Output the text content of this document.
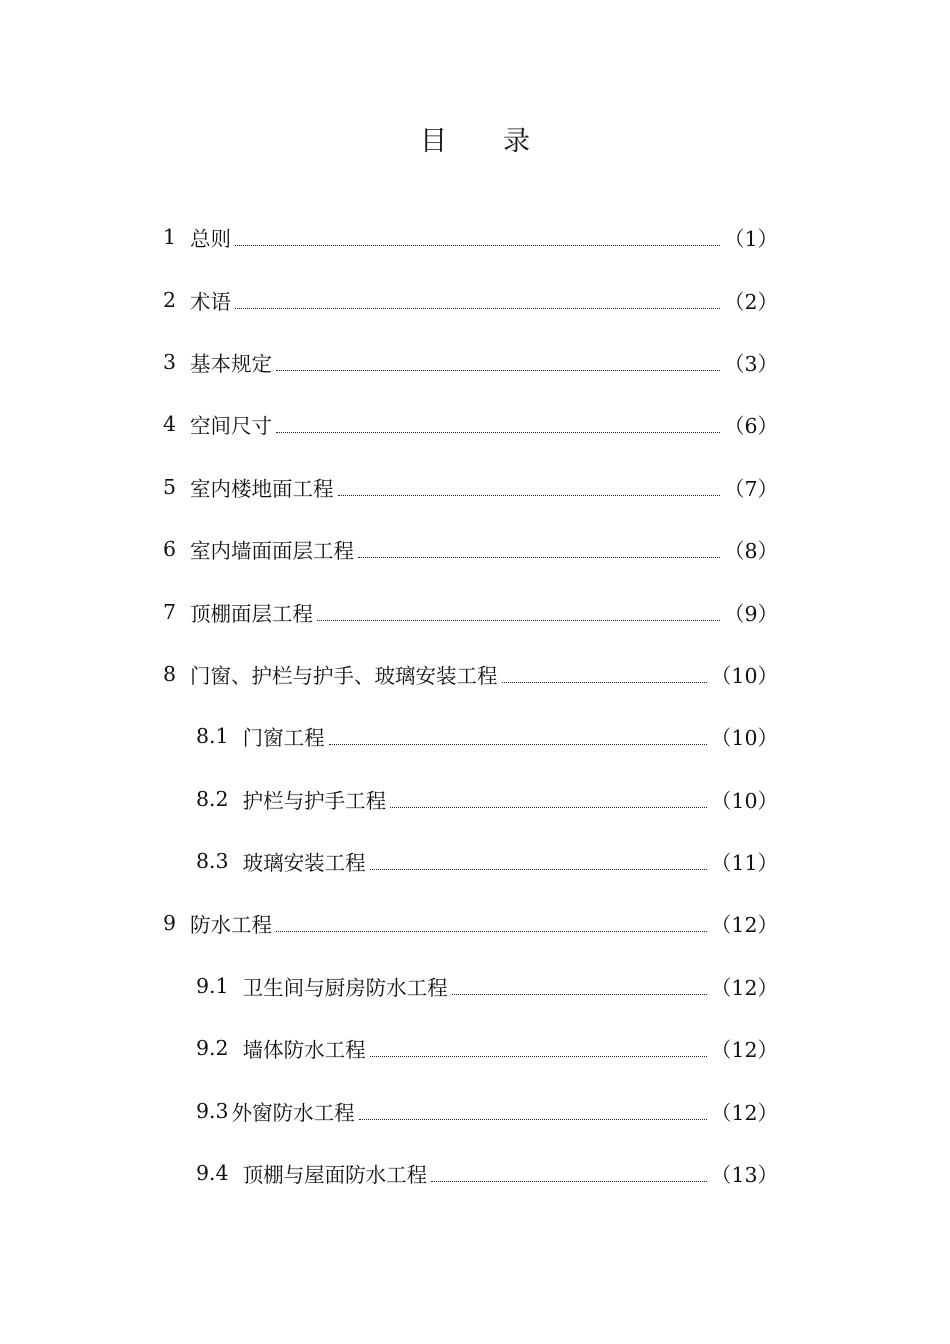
目 录
1 总则	（1）
2 术语	（2）
3 基本规定	（3）
4 空间尺寸	（6）
5 室内楼地面工程	（7）
6 室内墙面面层工程	（8）
7 顶棚面层工程	（9）
8 门窗、护栏与护手、玻璃安装工程	（10）
8.1 门窗工程	（10）
8.2 护栏与护手工程	（10）
8.3 玻璃安装工程	（11）
9 防水工程	（12）
9.1 卫生间与厨房防水工程	（12）
9.2 墙体防水工程	（12）
9.3 外窗防水工程	（12）
9.4 顶棚与屋面防水工程	（13）
